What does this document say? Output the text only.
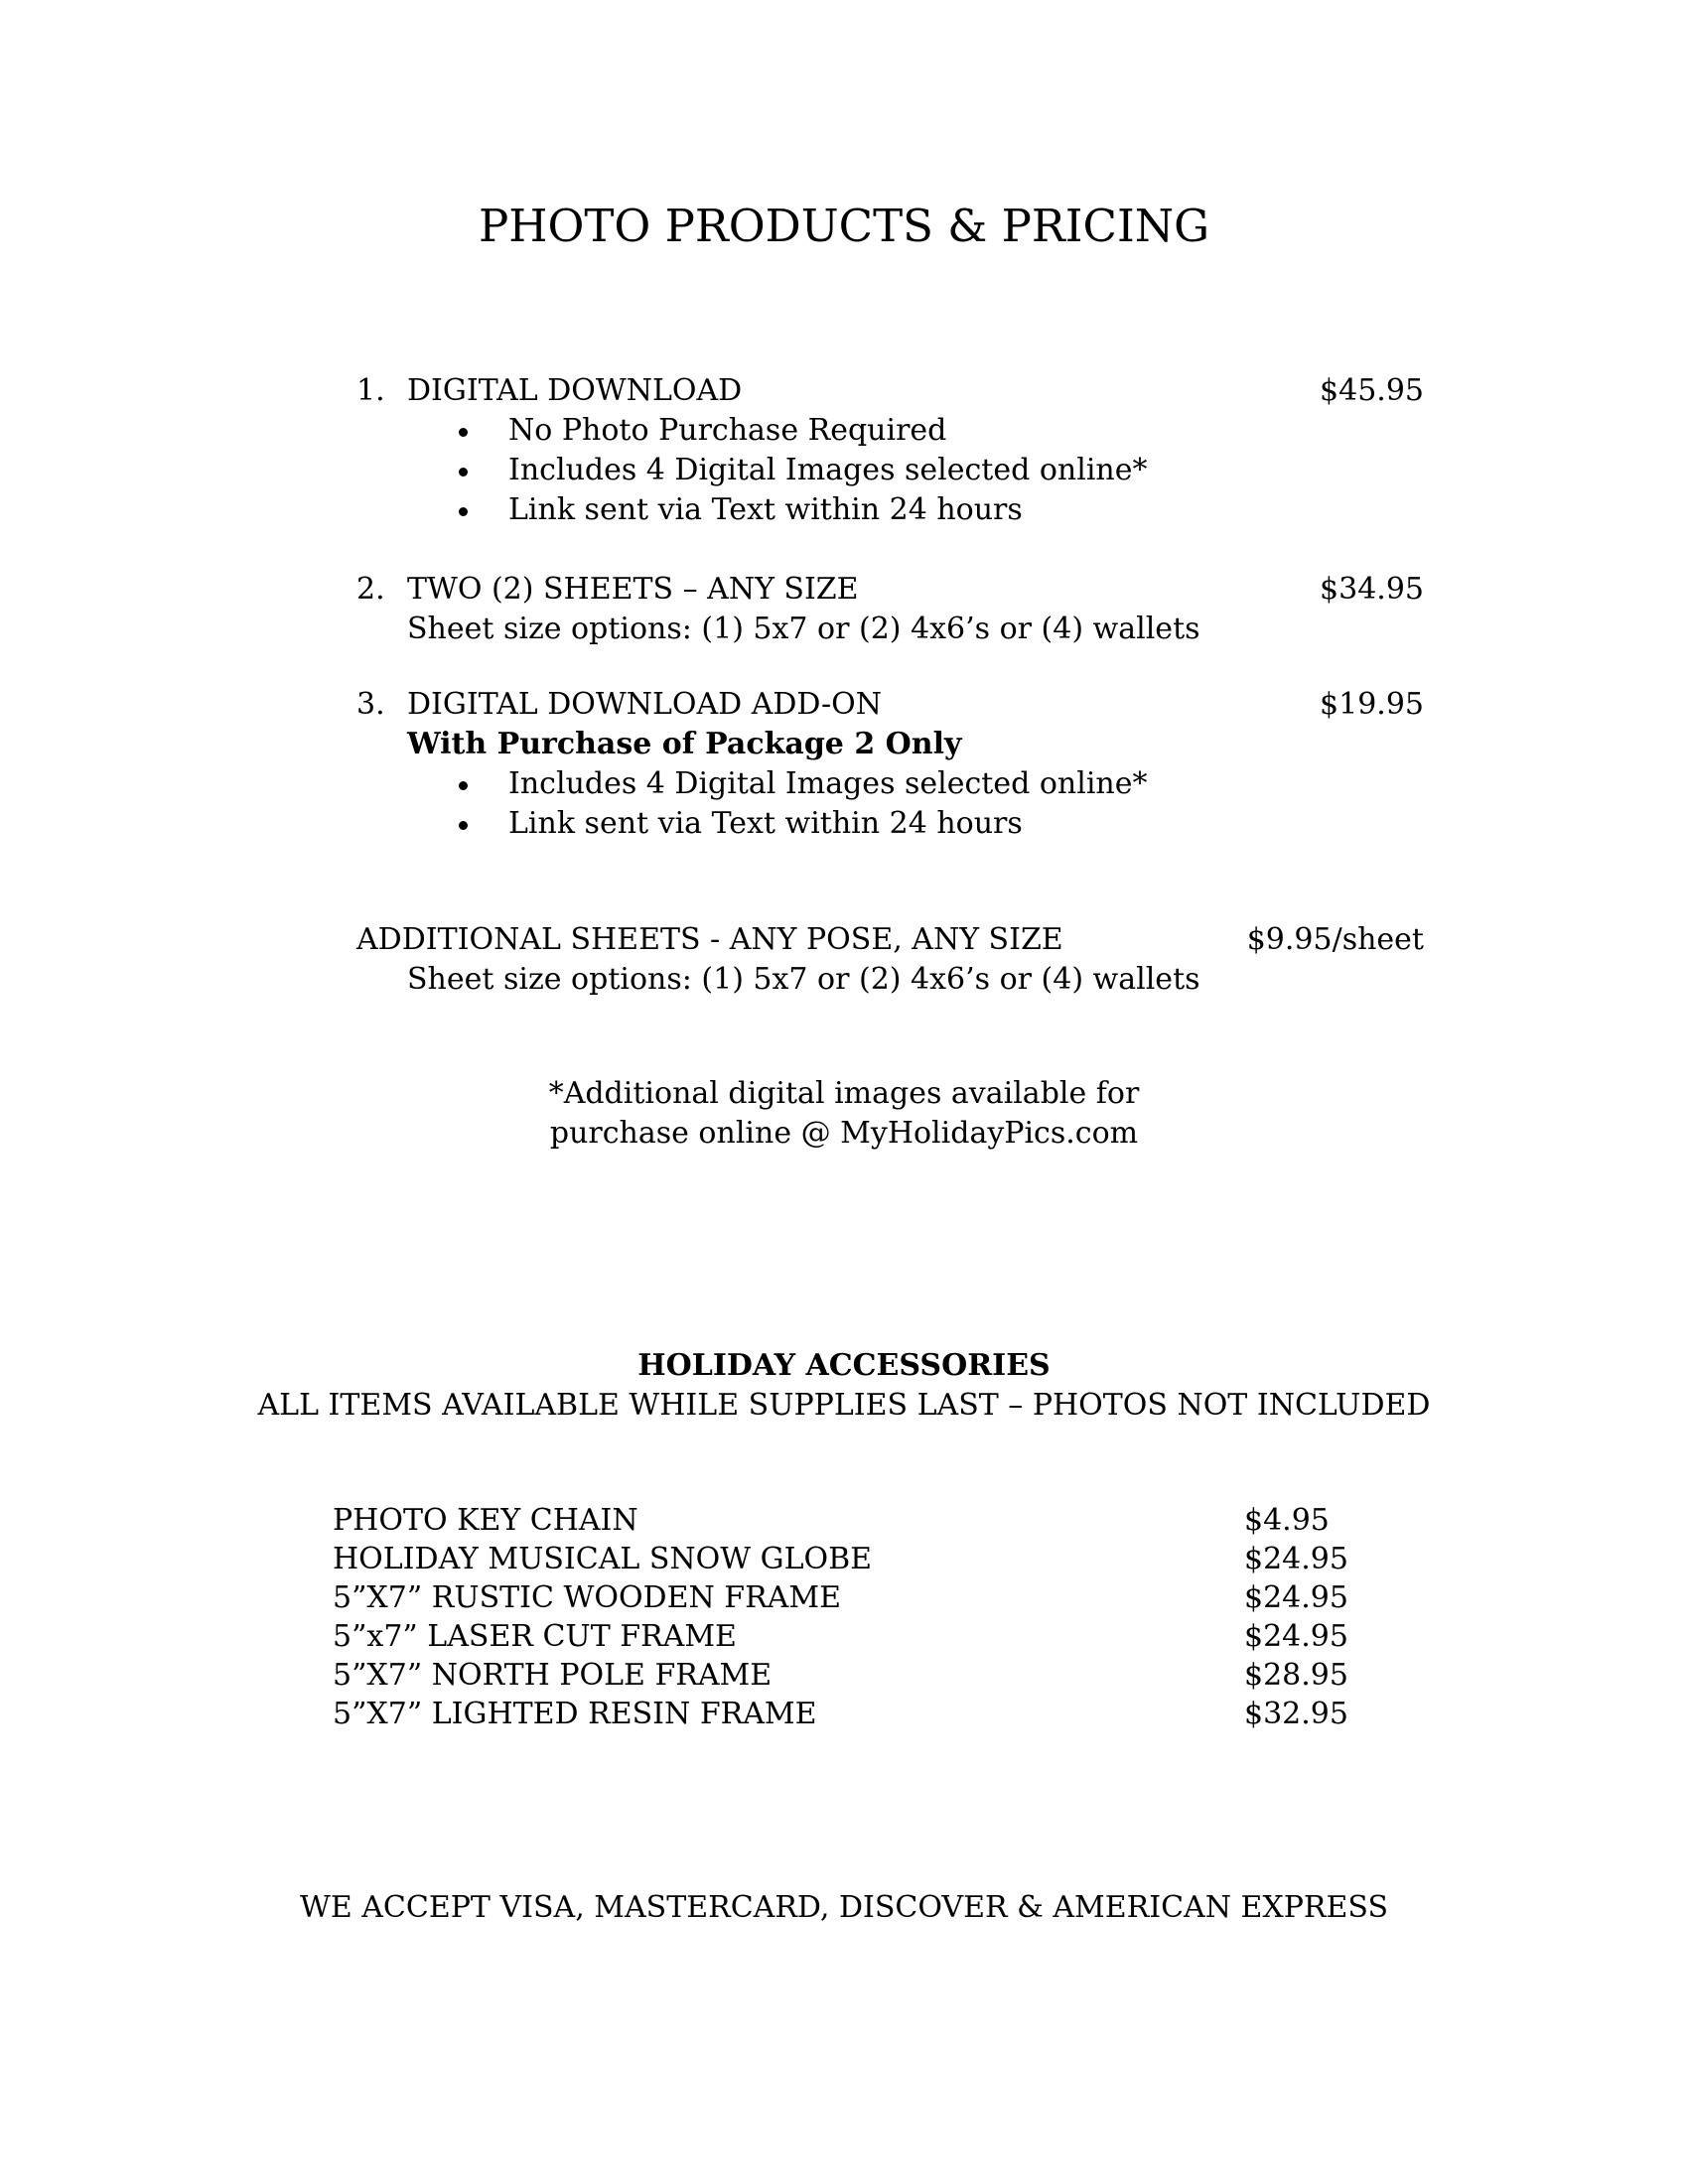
PHOTO PRODUCTS & PRICING
1. DIGITAL DOWNLOAD	$45.95
No Photo Purchase Required
Includes 4 Digital Images selected online*
Link sent via Text within 24 hours
2. TWO (2) SHEETS – ANY SIZE	$34.95
Sheet size options: (1) 5x7 or (2) 4x6’s or (4) wallets
3. DIGITAL DOWNLOAD ADD-ON	$19.95
With Purchase of Package 2 Only
Includes 4 Digital Images selected online*
Link sent via Text within 24 hours
ADDITIONAL SHEETS - ANY POSE, ANY SIZE	$9.95/sheet
Sheet size options: (1) 5x7 or (2) 4x6’s or (4) wallets
*Additional digital images available for
purchase online @ MyHolidayPics.com
HOLIDAY ACCESSORIES
ALL ITEMS AVAILABLE WHILE SUPPLIES LAST – PHOTOS NOT INCLUDED
PHOTO KEY CHAIN	$4.95
HOLIDAY MUSICAL SNOW GLOBE	$24.95
5”X7” RUSTIC WOODEN FRAME	$24.95
5”x7” LASER CUT FRAME	$24.95
5”X7” NORTH POLE FRAME	$28.95
5”X7” LIGHTED RESIN FRAME	$32.95
WE ACCEPT VISA, MASTERCARD, DISCOVER & AMERICAN EXPRESS
